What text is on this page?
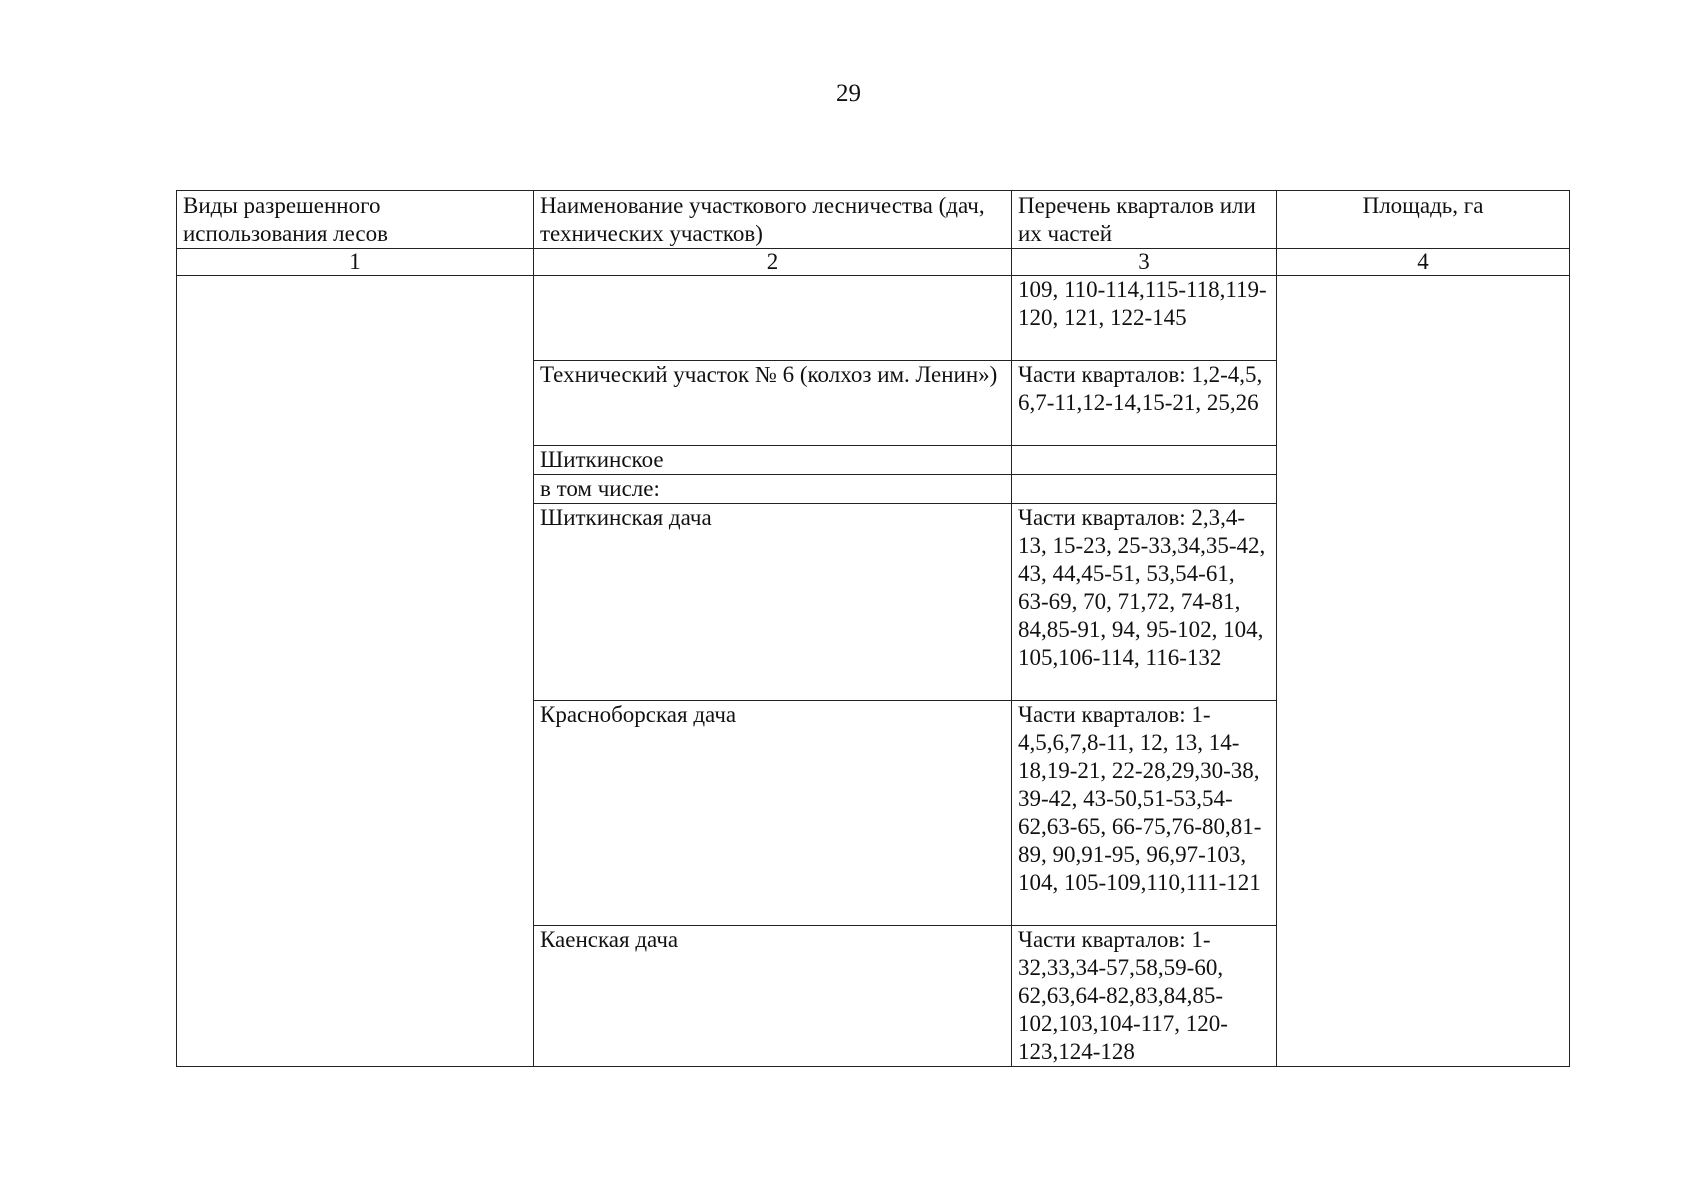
29
Виды разрешенного использования лесов	Наименование участкового лесничества (дач, технических участков)	Перечень кварталов или их частей	Площадь, га
1	2	3	4
		109, 110-114,115-118,119-120, 121, 122-145	
	Технический участок № 6 (колхоз им. Ленин»)	Части кварталов: 1,2-4,5, 6,7-11,12-14,15-21, 25,26	
	Шиткинское		
	в том числе:		
	Шиткинская дача	Части кварталов: 2,3,4-13, 15-23, 25-33,34,35-42, 43, 44,45-51, 53,54-61, 63-69, 70, 71,72, 74-81, 84,85-91, 94, 95-102, 104, 105,106-114, 116-132	
	Красноборская дача	Части кварталов: 1-4,5,6,7,8-11, 12, 13, 14-18,19-21, 22-28,29,30-38, 39-42, 43-50,51-53,54-62,63-65, 66-75,76-80,81-89, 90,91-95, 96,97-103, 104, 105-109,110,111-121	
	Каенская дача	Части кварталов: 1-32,33,34-57,58,59-60, 62,63,64-82,83,84,85-102,103,104-117, 120-123,124-128	
